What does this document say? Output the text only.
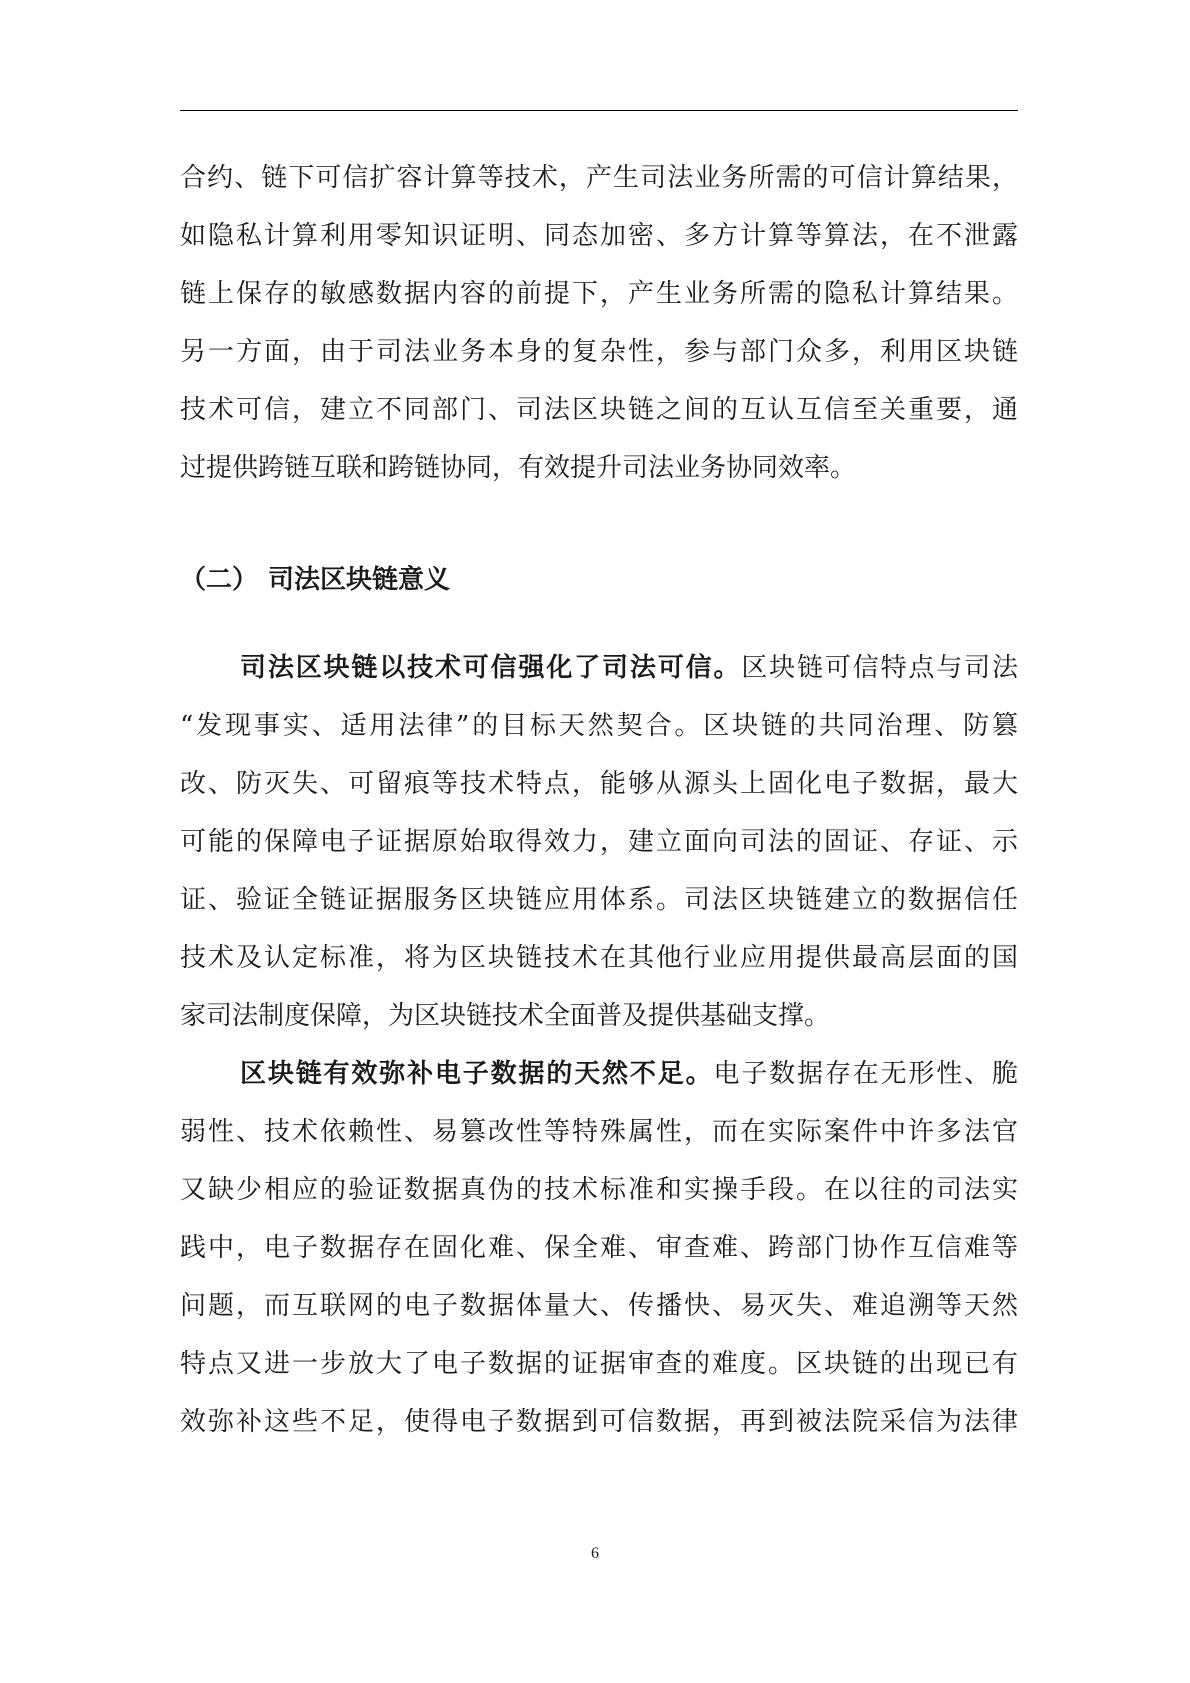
合约、链下可信扩容计算等技术，产生司法业务所需的可信计算结果，
如隐私计算利用零知识证明、同态加密、多方计算等算法，在不泄露
链上保存的敏感数据内容的前提下，产生业务所需的隐私计算结果。
另一方面，由于司法业务本身的复杂性，参与部门众多，利用区块链
技术可信，建立不同部门、司法区块链之间的互认互信至关重要，通
过提供跨链互联和跨链协同，有效提升司法业务协同效率。
（二） 司法区块链意义
司法区块链以技术可信强化了司法可信。区块链可信特点与司法
“发现事实、适用法律”的目标天然契合。区块链的共同治理、防篡
改、防灭失、可留痕等技术特点，能够从源头上固化电子数据，最大
可能的保障电子证据原始取得效力，建立面向司法的固证、存证、示
证、验证全链证据服务区块链应用体系。司法区块链建立的数据信任
技术及认定标准，将为区块链技术在其他行业应用提供最高层面的国
家司法制度保障，为区块链技术全面普及提供基础支撑。
区块链有效弥补电子数据的天然不足。电子数据存在无形性、脆
弱性、技术依赖性、易篡改性等特殊属性，而在实际案件中许多法官
又缺少相应的验证数据真伪的技术标准和实操手段。在以往的司法实
践中，电子数据存在固化难、保全难、审查难、跨部门协作互信难等
问题，而互联网的电子数据体量大、传播快、易灭失、难追溯等天然
特点又进一步放大了电子数据的证据审查的难度。区块链的出现已有
效弥补这些不足，使得电子数据到可信数据，再到被法院采信为法律
6
